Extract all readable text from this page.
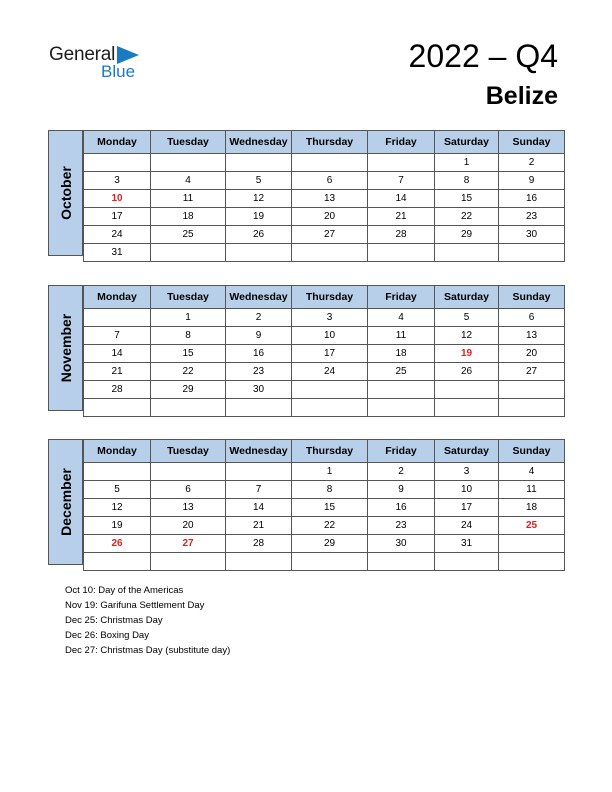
General
Blue	2022 – Q4
Belize
October
Monday	Tuesday	Wednesday	Thursday	Friday	Saturday	Sunday
					1	2
3	4	5	6	7	8	9
10	11	12	13	14	15	16
17	18	19	20	21	22	23
24	25	26	27	28	29	30
31						
November
Monday	Tuesday	Wednesday	Thursday	Friday	Saturday	Sunday
	1	2	3	4	5	6
7	8	9	10	11	12	13
14	15	16	17	18	19	20
21	22	23	24	25	26	27
28	29	30				

December
Monday	Tuesday	Wednesday	Thursday	Friday	Saturday	Sunday
			1	2	3	4
5	6	7	8	9	10	11
12	13	14	15	16	17	18
19	20	21	22	23	24	25
26	27	28	29	30	31	

Oct 10: Day of the Americas
Nov 19: Garifuna Settlement Day
Dec 25: Christmas Day
Dec 26: Boxing Day
Dec 27: Christmas Day (substitute day)
